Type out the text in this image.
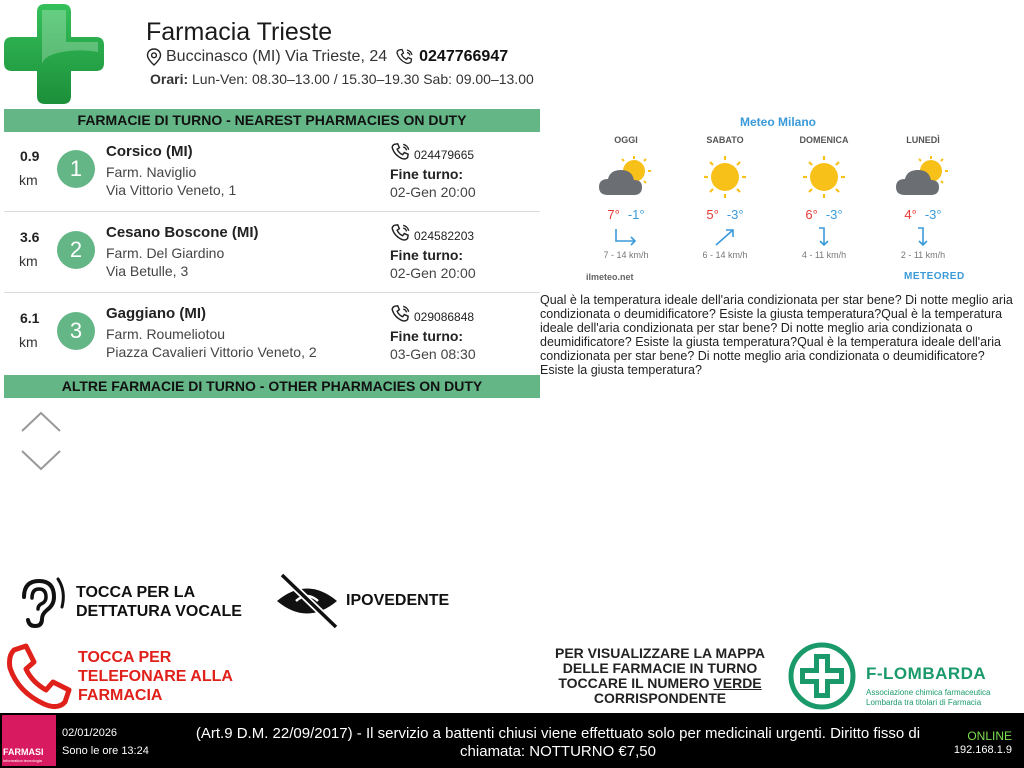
Farmacia Trieste
Buccinasco (MI) Via Trieste, 24 0247766947
Orari: Lun-Ven: 08.30–13.00 / 15.30–19.30 Sab: 09.00–13.00
FARMACIE DI TURNO - NEAREST PHARMACIES ON DUTY
0.9
km	1
Corsico (MI)
Farm. Naviglio
Via Vittorio Veneto, 1
024479665
Fine turno:
02-Gen 20:00
3.6
km	2
Cesano Boscone (MI)
Farm. Del Giardino
Via Betulle, 3
024582203
Fine turno:
02-Gen 20:00
6.1
km	3
Gaggiano (MI)
Farm. Roumeliotou
Piazza Cavalieri Vittorio Veneto, 2
029086848
Fine turno:
03-Gen 08:30
ALTRE FARMACIE DI TURNO - OTHER PHARMACIES ON DUTY
Meteo Milano
OGGI
7° -1°
7 - 14 km/h
SABATO
5° -3°
6 - 14 km/h
DOMENICA
6° -3°
4 - 11 km/h
LUNEDÌ
4° -3°
2 - 11 km/h
ilmeteo.net	METEORED
Qual è la temperatura ideale dell'aria condizionata per star bene? Di notte meglio aria condizionata o deumidificatore? Esiste la giusta temperatura?Qual è la temperatura ideale dell'aria condizionata per star bene? Di notte meglio aria condizionata o deumidificatore? Esiste la giusta temperatura?Qual è la temperatura ideale dell'aria condizionata per star bene? Di notte meglio aria condizionata o deumidificatore? Esiste la giusta temperatura?
TOCCA PER LA
DETTATURA VOCALE
IPOVEDENTE
TOCCA PER
TELEFONARE ALLA
FARMACIA
PER VISUALIZZARE LA MAPPA
DELLE FARMACIE IN TURNO
TOCCARE IL NUMERO VERDE
CORRISPONDENTE
F-LOMBARDA
Associazione chimica farmaceutica
Lombarda tra titolari di Farmacia
FARMASI
informatica tecnologia
02/01/2026
Sono le ore 13:24
(Art.9 D.M. 22/09/2017) - Il servizio a battenti chiusi viene effettuato solo per medicinali urgenti. Diritto fisso di chiamata: NOTTURNO €7,50
ONLINE
192.168.1.9
